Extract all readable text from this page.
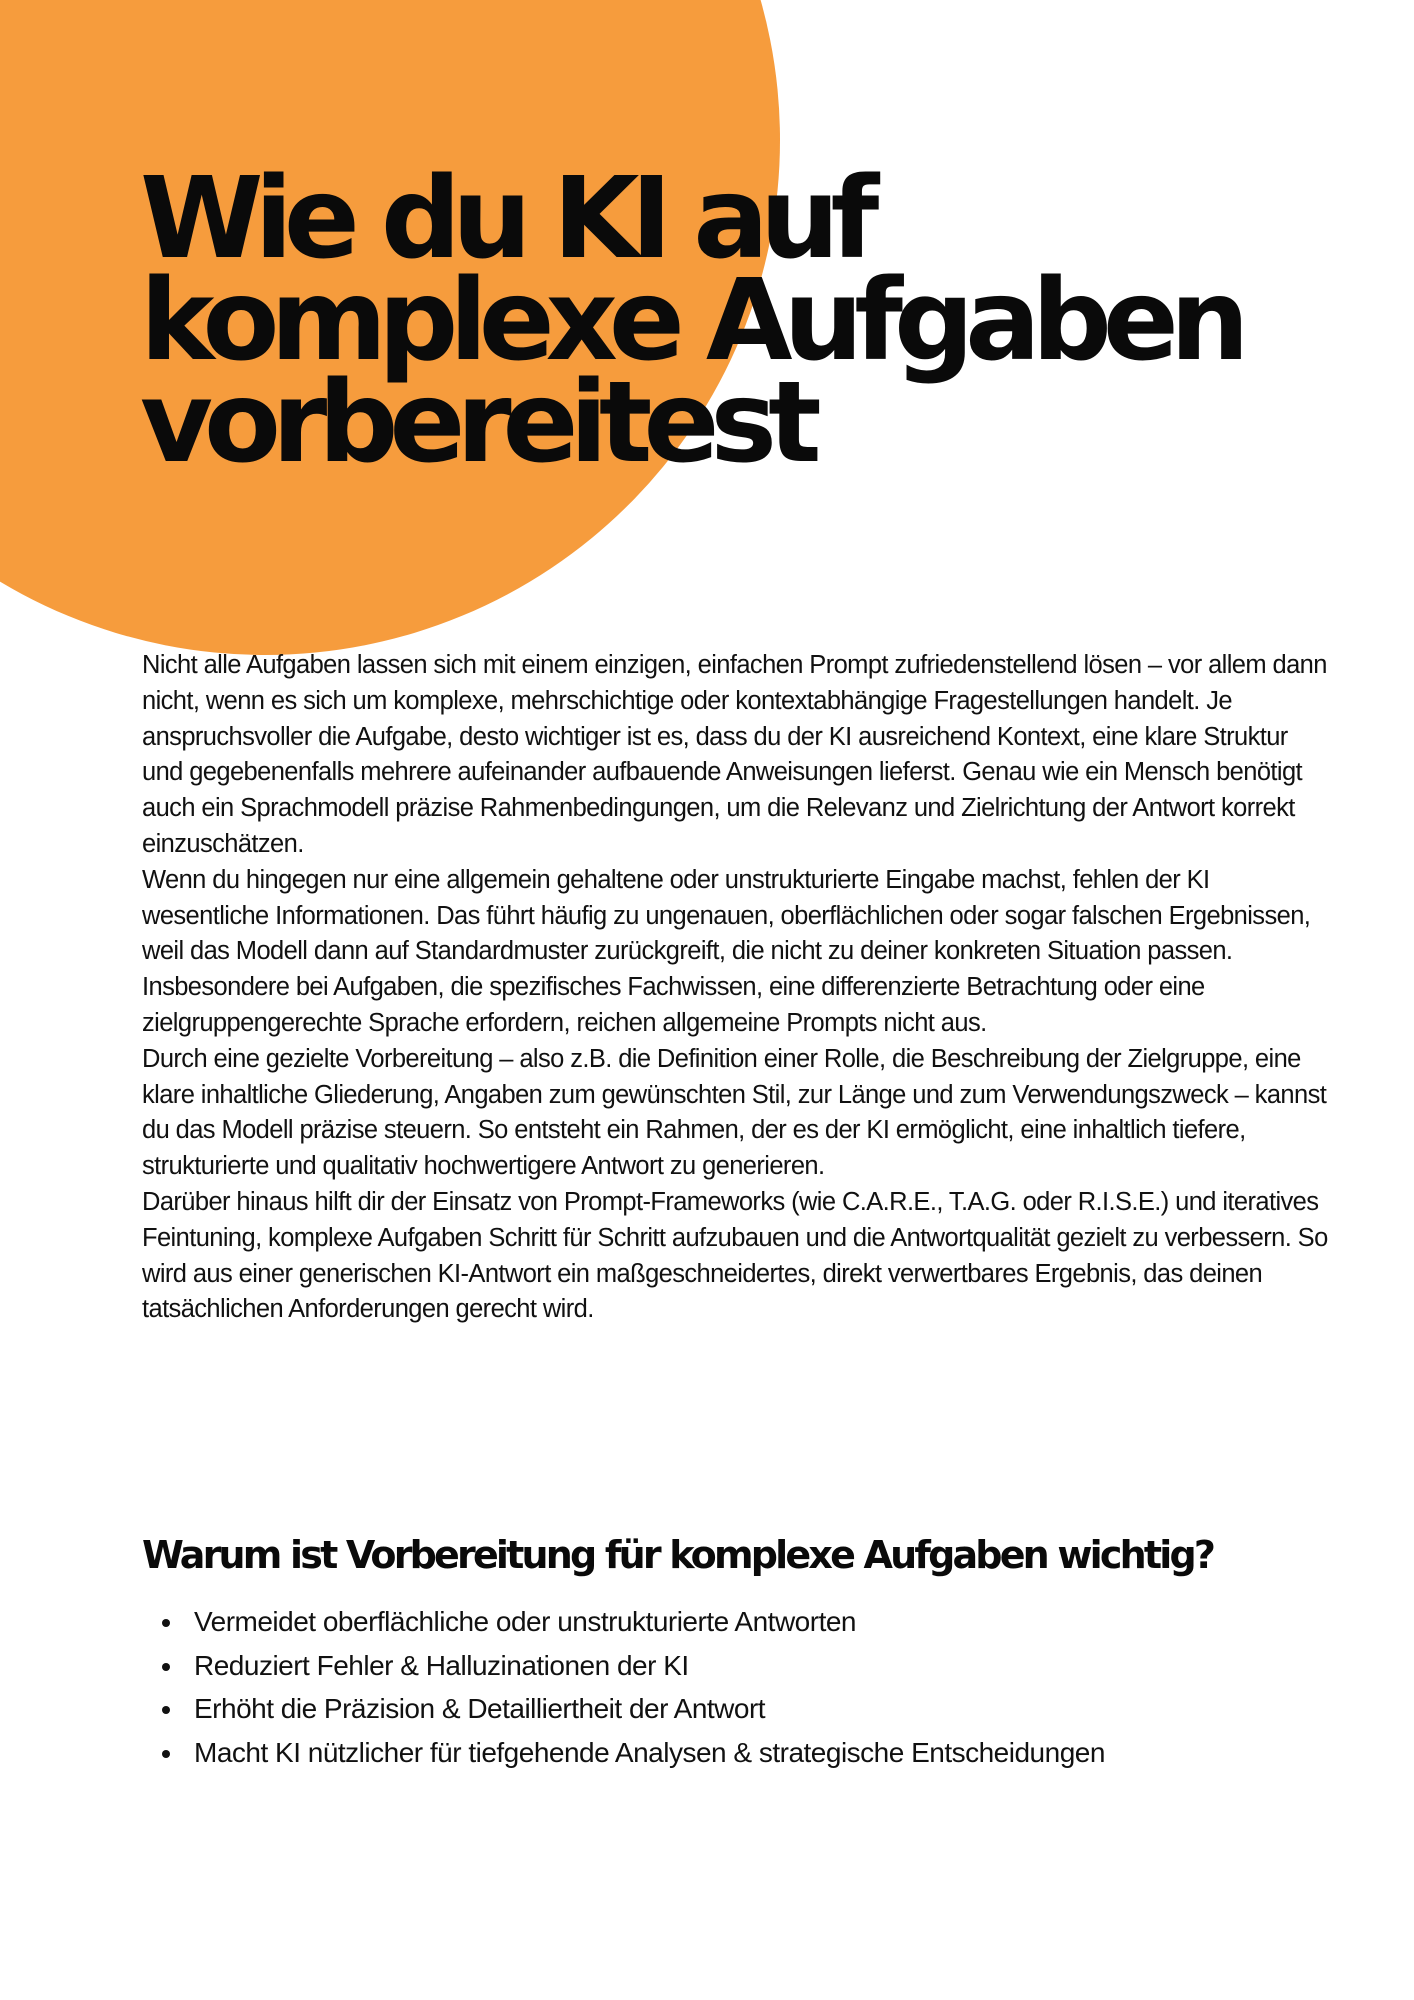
Wie du KI auf
komplexe Aufgaben
vorbereitest

Nicht alle Aufgaben lassen sich mit einem einzigen, einfachen Prompt zufriedenstellend lösen – vor allem dann nicht, wenn es sich um komplexe, mehrschichtige oder kontextabhängige Fragestellungen handelt. Je anspruchsvoller die Aufgabe, desto wichtiger ist es, dass du der KI ausreichend Kontext, eine klare Struktur und gegebenenfalls mehrere aufeinander aufbauende Anweisungen lieferst. Genau wie ein Mensch benötigt auch ein Sprachmodell präzise Rahmenbedingungen, um die Relevanz und Zielrichtung der Antwort korrekt einzuschätzen.

Wenn du hingegen nur eine allgemein gehaltene oder unstrukturierte Eingabe machst, fehlen der KI wesentliche Informationen. Das führt häufig zu ungenauen, oberflächlichen oder sogar falschen Ergebnissen, weil das Modell dann auf Standardmuster zurückgreift, die nicht zu deiner konkreten Situation passen. Insbesondere bei Aufgaben, die spezifisches Fachwissen, eine differenzierte Betrachtung oder eine zielgruppengerechte Sprache erfordern, reichen allgemeine Prompts nicht aus.

Durch eine gezielte Vorbereitung – also z.B. die Definition einer Rolle, die Beschreibung der Zielgruppe, eine klare inhaltliche Gliederung, Angaben zum gewünschten Stil, zur Länge und zum Verwendungszweck – kannst du das Modell präzise steuern. So entsteht ein Rahmen, der es der KI ermöglicht, eine inhaltlich tiefere, strukturierte und qualitativ hochwertigere Antwort zu generieren.

Darüber hinaus hilft dir der Einsatz von Prompt-Frameworks (wie C.A.R.E., T.A.G. oder R.I.S.E.) und iteratives Feintuning, komplexe Aufgaben Schritt für Schritt aufzubauen und die Antwortqualität gezielt zu verbessern. So wird aus einer generischen KI-Antwort ein maßgeschneidertes, direkt verwertbares Ergebnis, das deinen tatsächlichen Anforderungen gerecht wird.

Warum ist Vorbereitung für komplexe Aufgaben wichtig?
Vermeidet oberflächliche oder unstrukturierte Antworten
Reduziert Fehler & Halluzinationen der KI
Erhöht die Präzision & Detailliertheit der Antwort
Macht KI nützlicher für tiefgehende Analysen & strategische Entscheidungen
